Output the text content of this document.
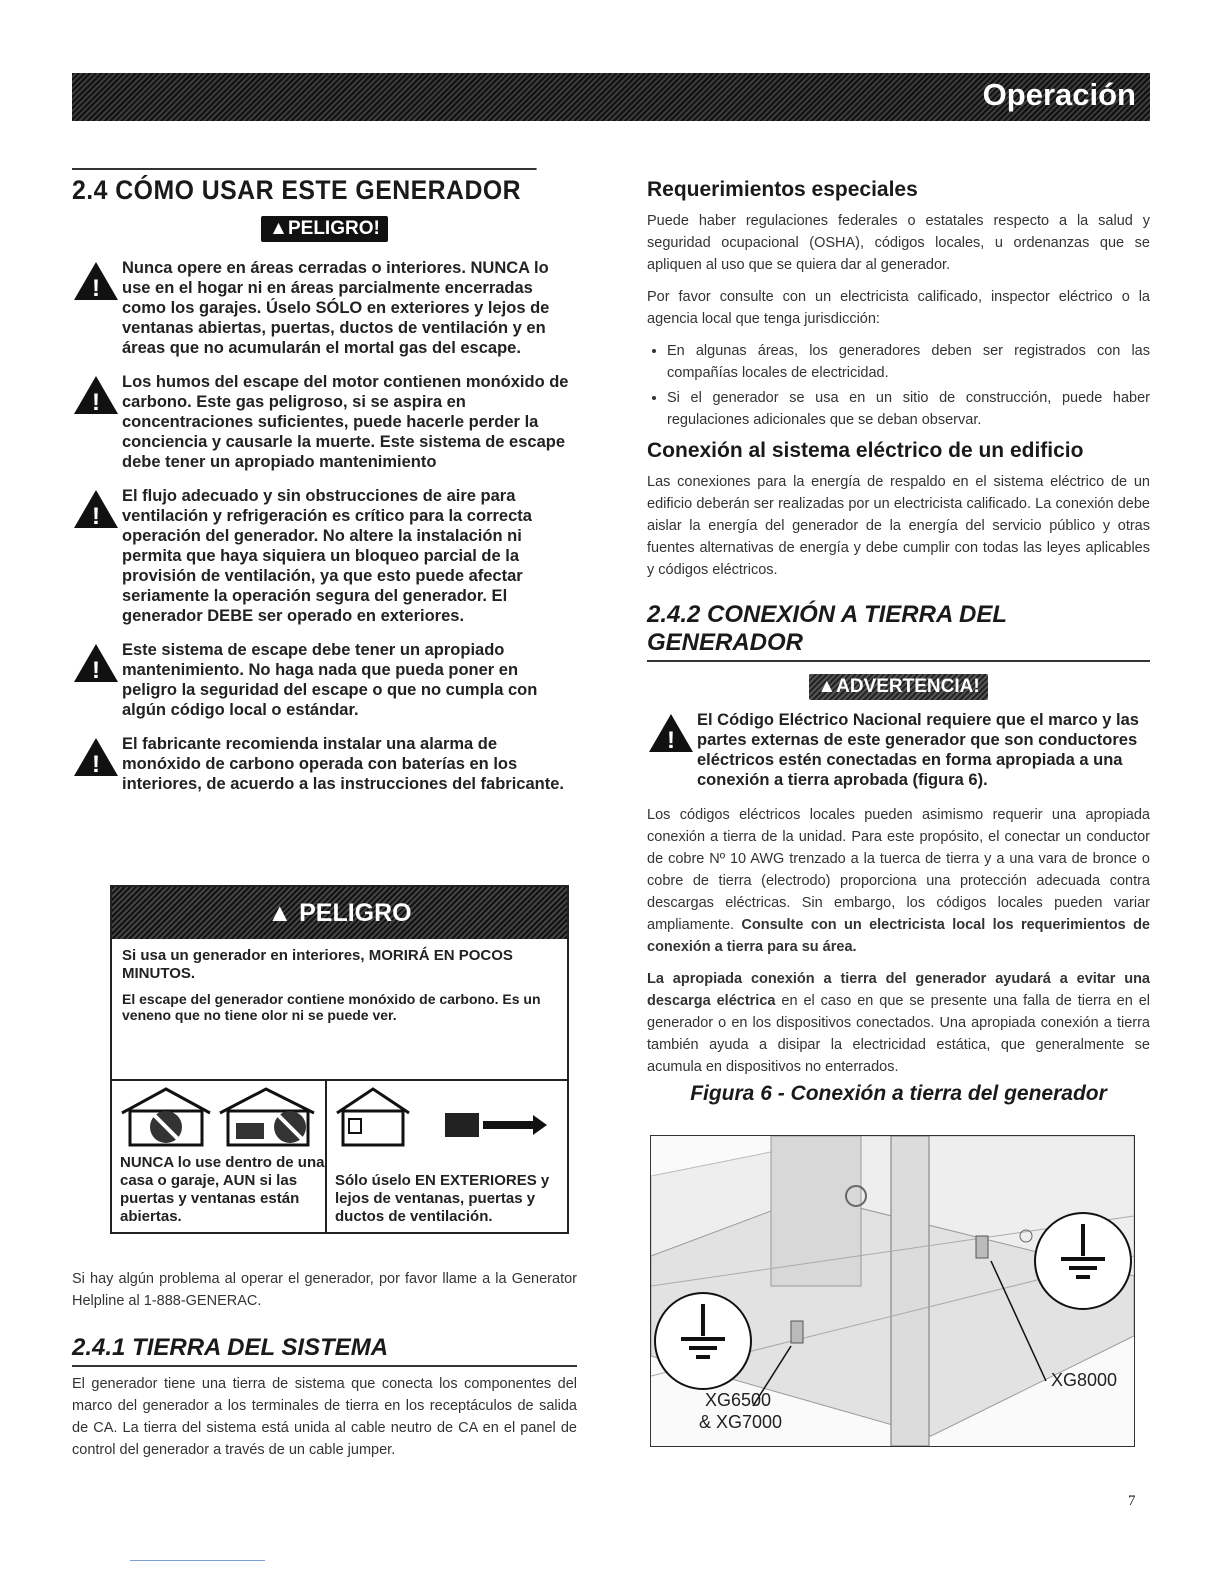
Operación
2.4 CÓMO USAR ESTE GENERADOR
▲PELIGRO!
!
Nunca opere en áreas cerradas o interiores. NUNCA lo use en el hogar ni en áreas parcialmente encerradas como los garajes. Úselo SÓLO en exteriores y lejos de ventanas abiertas, puertas, ductos de ventilación y en áreas que no acumularán el mortal gas del escape.
!
Los humos del escape del motor contienen monóxido de carbono. Este gas peligroso, si se aspira en concentraciones suficientes, puede hacerle perder la conciencia y causarle la muerte. Este sistema de escape debe tener un apropiado mantenimiento
!
El flujo adecuado y sin obstrucciones de aire para ventilación y refrigeración es crítico para la correcta operación del generador. No altere la instalación ni permita que haya siquiera un bloqueo parcial de la provisión de ventilación, ya que esto puede afectar seriamente la operación segura del generador. El generador DEBE ser operado en exteriores.
!
Este sistema de escape debe tener un apropiado mantenimiento. No haga nada que pueda poner en peligro la seguridad del escape o que no cumpla con algún código local o estándar.
!
El fabricante recomienda instalar una alarma de monóxido de carbono operada con baterías en los interiores, de acuerdo a las instrucciones del fabricante.
▲ PELIGRO

Si usa un generador en interiores, MORIRÁ EN POCOS MINUTOS.

El escape del generador contiene monóxido de carbono. Es un veneno que no tiene olor ni se puede ver.

NUNCA lo use dentro de una casa o garaje, AUN si las puertas y ventanas están abiertas.
Sólo úselo EN EXTERIORES y lejos de ventanas, puertas y ductos de ventilación.

Si hay algún problema al operar el generador, por favor llame a la Generator Helpline al 1-888-GENERAC.

2.4.1 TIERRA DEL SISTEMA

El generador tiene una tierra de sistema que conecta los componentes del marco del generador a los terminales de tierra en los receptáculos de salida de CA. La tierra del sistema está unida al cable neutro de CA en el panel de control del generador a través de un cable jumper.

Requerimientos especiales

Puede haber regulaciones federales o estatales respecto a la salud y seguridad ocupacional (OSHA), códigos locales, u ordenanzas que se apliquen al uso que se quiera dar al generador.

Por favor consulte con un electricista calificado, inspector eléctrico o la agencia local que tenga jurisdicción:

• En algunas áreas, los generadores deben ser registrados con las compañías locales de electricidad.
• Si el generador se usa en un sitio de construcción, puede haber regulaciones adicionales que se deban observar.
Conexión al sistema eléctrico de un edificio

Las conexiones para la energía de respaldo en el sistema eléctrico de un edificio deberán ser realizadas por un electricista calificado. La conexión debe aislar la energía del generador de la energía del servicio público y otras fuentes alternativas de energía y debe cumplir con todas las leyes aplicables y códigos eléctricos.

2.4.2 CONEXIÓN A TIERRA DEL GENERADOR
▲ADVERTENCIA!
!
El Código Eléctrico Nacional requiere que el marco y las partes externas de este generador que son conductores eléctricos estén conectadas en forma apropiada a una conexión a tierra aprobada (figura 6).

Los códigos eléctricos locales pueden asimismo requerir una apropiada conexión a tierra de la unidad. Para este propósito, el conectar un conductor de cobre Nº 10 AWG trenzado a la tuerca de tierra y a una vara de bronce o cobre de tierra (electrodo) proporciona una protección adecuada contra descargas eléctricas. Sin embargo, los códigos locales pueden variar ampliamente. Consulte con un electricista local los requerimientos de conexión a tierra para su área.

La apropiada conexión a tierra del generador ayudará a evitar una descarga eléctrica en el caso en que se presente una falla de tierra en el generador o en los dispositivos conectados. Una apropiada conexión a tierra también ayuda a disipar la electricidad estática, que generalmente se acumula en dispositivos no enterrados.

Figura 6 - Conexión a tierra del generador
XG6500
& XG7000
XG8000
7
